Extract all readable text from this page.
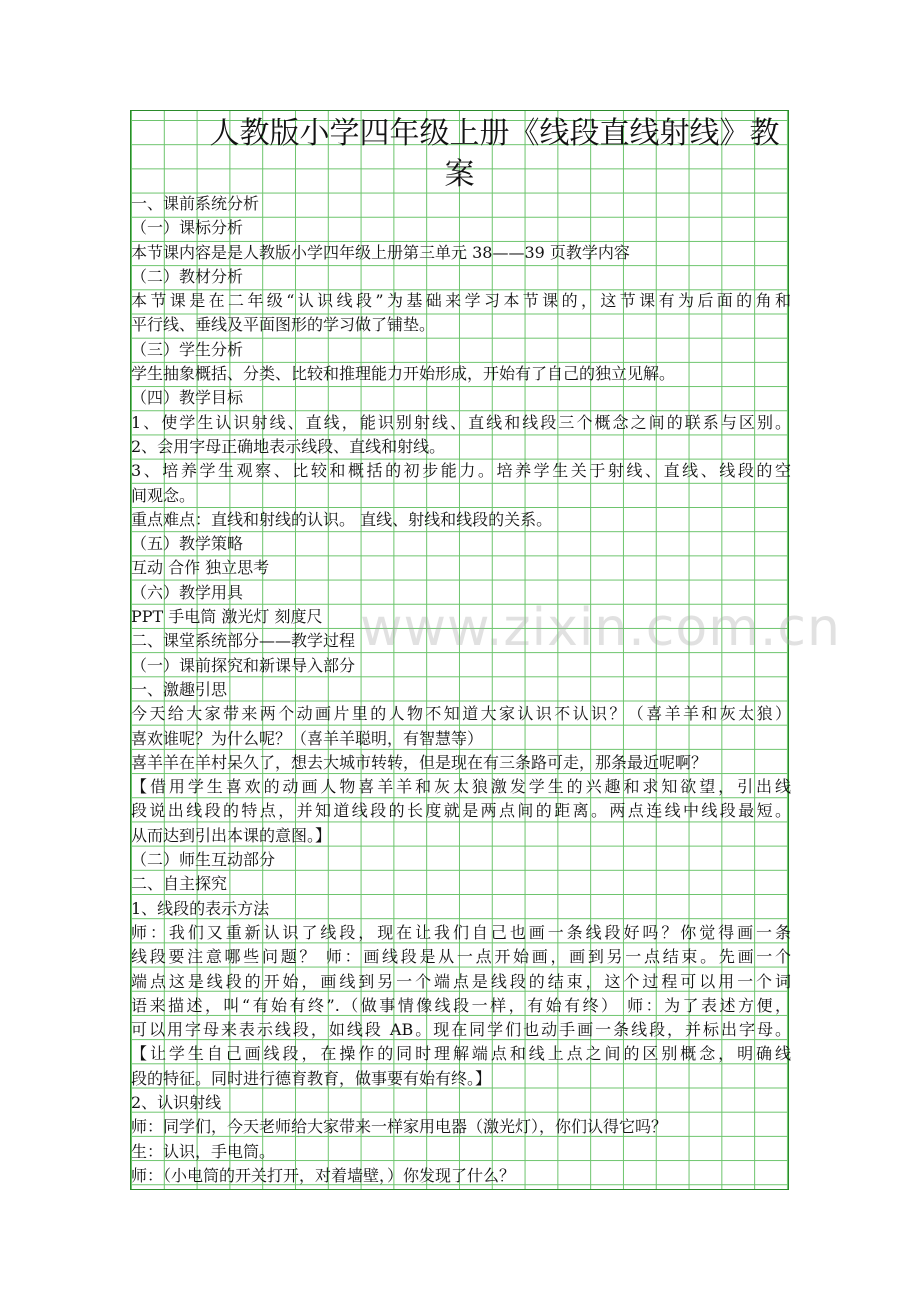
人教版小学四年级上册《线段直线射线》教
案
一、课前系统分析
（一）课标分析
本节课内容是是人教版小学四年级上册第三单元 38——39 页教学内容
（二）教材分析
本节课是在二年级“认识线段”为基础来学习本节课的，这节课有为后面的角和
平行线、垂线及平面图形的学习做了铺垫。
（三）学生分析
学生抽象概括、分类、比较和推理能力开始形成，开始有了自己的独立见解。
（四）教学目标
1、使学生认识射线、直线，能识别射线、直线和线段三个概念之间的联系与区别。
2、会用字母正确地表示线段、直线和射线。
3、培养学生观察、比较和概括的初步能力。培养学生关于射线、直线、线段的空
间观念。
重点难点：直线和射线的认识。 直线、射线和线段的关系。
（五）教学策略
互动 合作 独立思考
（六）教学用具
PPT 手电筒 激光灯 刻度尺
二、课堂系统部分——教学过程
（一）课前探究和新课导入部分
一、激趣引思
今天给大家带来两个动画片里的人物不知道大家认识不认识？（喜羊羊和灰太狼）
喜欢谁呢？为什么呢？（喜羊羊聪明，有智慧等）
喜羊羊在羊村呆久了，想去大城市转转，但是现在有三条路可走，那条最近呢啊？
【借用学生喜欢的动画人物喜羊羊和灰太狼激发学生的兴趣和求知欲望，引出线
段说出线段的特点，并知道线段的长度就是两点间的距离。两点连线中线段最短。
从而达到引出本课的意图。】
（二）师生互动部分
二、自主探究
1、线段的表示方法
师：我们又重新认识了线段，现在让我们自己也画一条线段好吗？你觉得画一条
线段要注意哪些问题？ 师：画线段是从一点开始画，画到另一点结束。先画一个
端点这是线段的开始，画线到另一个端点是线段的结束，这个过程可以用一个词
语来描述，叫“有始有终”.（做事情像线段一样，有始有终） 师：为了表述方便，
可以用字母来表示线段，如线段 AB。现在同学们也动手画一条线段，并标出字母。
【让学生自己画线段，在操作的同时理解端点和线上点之间的区别概念，明确线
段的特征。同时进行德育教育，做事要有始有终。】
2、认识射线
师：同学们，今天老师给大家带来一样家用电器（激光灯），你们认得它吗？
生：认识，手电筒。
师：（小电筒的开关打开，对着墙壁，）你发现了什么？
www.zixin.com.cn
